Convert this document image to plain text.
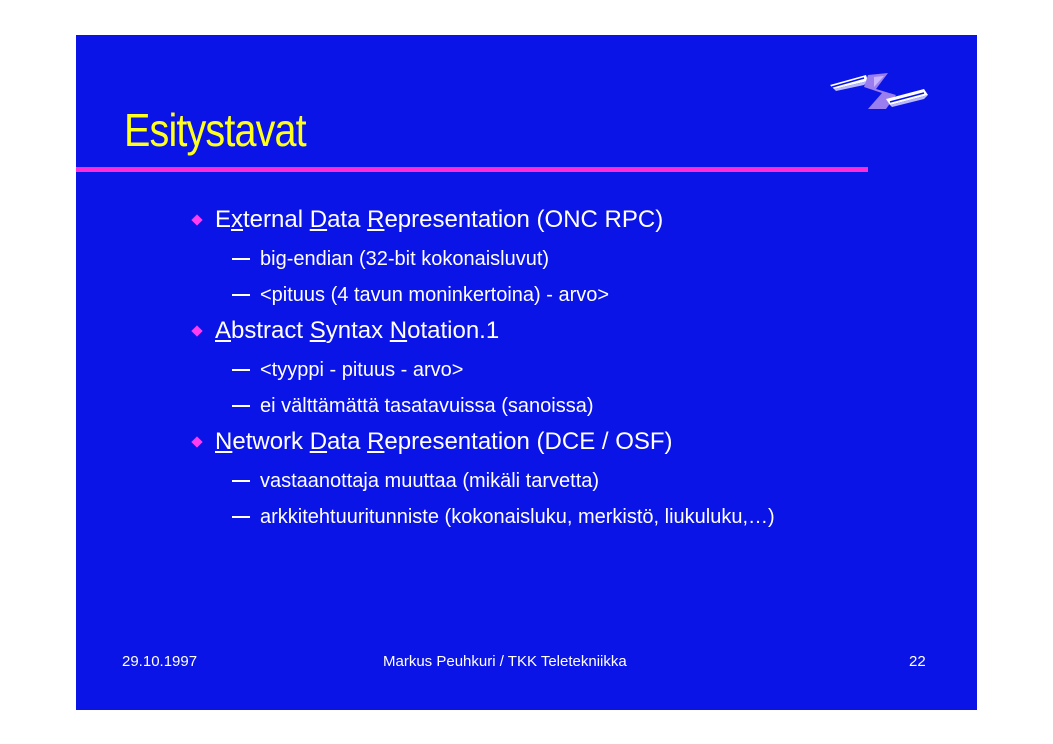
Esitystavat
External Data Representation (ONC RPC)
big-endian (32-bit kokonaisluvut)
<pituus (4 tavun moninkertoina) - arvo>
Abstract Syntax Notation.1
<tyyppi - pituus - arvo>
ei välttämättä tasatavuissa (sanoissa)
Network Data Representation (DCE / OSF)
vastaanottaja muuttaa (mikäli tarvetta)
arkkitehtuuritunniste (kokonaisluku, merkistö, liukuluku,…)
29.10.1997	Markus Peuhkuri / TKK Teletekniikka	22
